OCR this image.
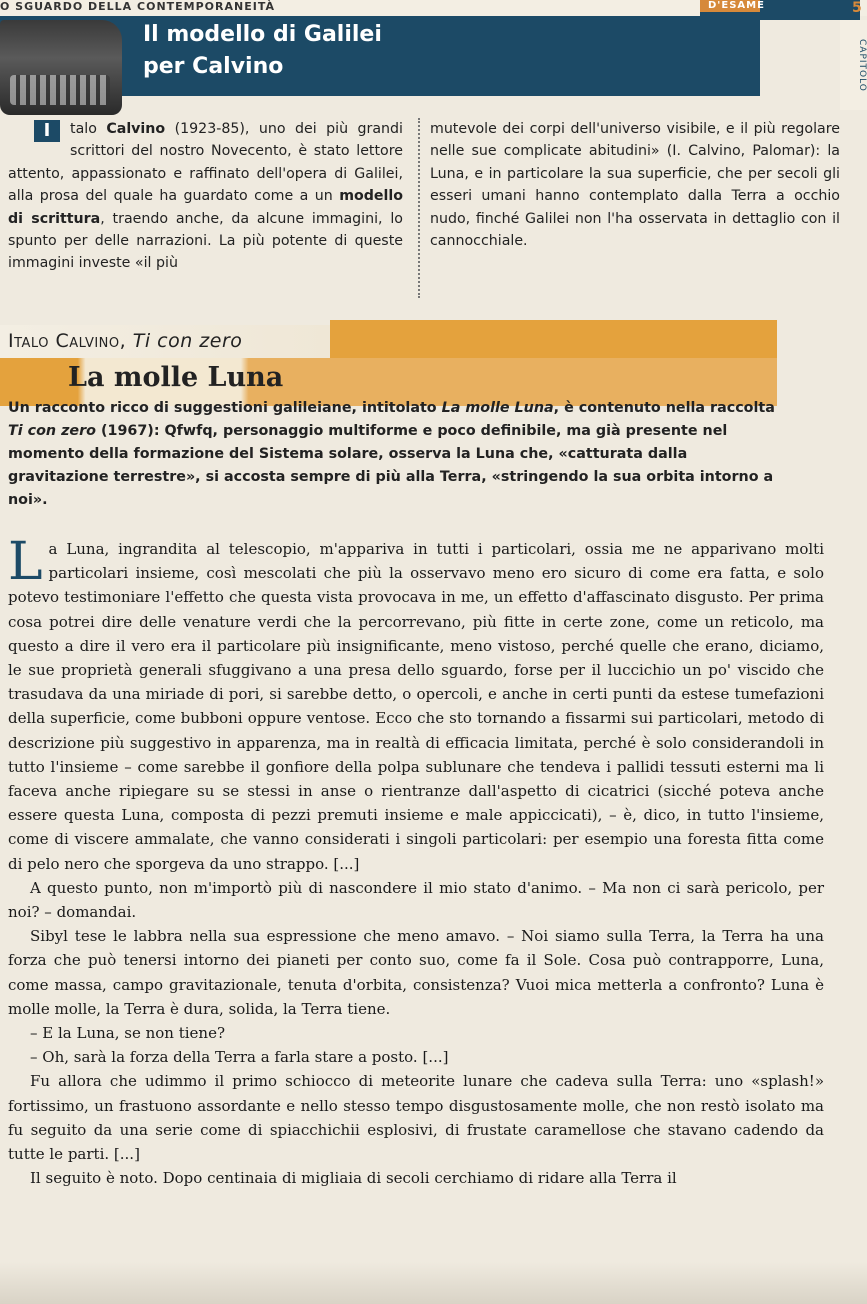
O SGUARDO DELLA CONTEMPORANEITÀ	D'ESAME	5
CAPITOLO
Il modello di Galilei
per Calvino
I	talo Calvino (1923-85), uno dei più grandi scrittori del nostro Novecento, è stato lettore attento, appassionato e raffinato dell'opera di Galilei, alla prosa del quale ha guardato come a un modello di scrittura, traendo anche, da alcune immagini, lo spunto per delle narrazioni. La più potente di queste immagini investe «il più
mutevole dei corpi dell'universo visibile, e il più regolare nelle sue complicate abitudini» (I. Calvino, Palomar): la Luna, e in particolare la sua superficie, che per secoli gli esseri umani hanno contemplato dalla Terra a occhio nudo, finché Galilei non l'ha osservata in dettaglio con il cannocchiale.
Italo Calvino, Ti con zero
La molle Luna
Un racconto ricco di suggestioni galileiane, intitolato La molle Luna, è contenuto nella raccolta Ti con zero (1967): Qfwfq, personaggio multiforme e poco definibile, ma già presente nel momento della formazione del Sistema solare, osserva la Luna che, «catturata dalla gravitazione terrestre», si accosta sempre di più alla Terra, «stringendo la sua orbita intorno a noi».

La Luna, ingrandita al telescopio, m'appariva in tutti i particolari, ossia me ne apparivano molti particolari insieme, così mescolati che più la osservavo meno ero sicuro di come era fatta, e solo potevo testimoniare l'effetto che questa vista provocava in me, un effetto d'affascinato disgusto. Per prima cosa potrei dire delle venature verdi che la percorrevano, più fitte in certe zone, come un reticolo, ma questo a dire il vero era il particolare più insignificante, meno vistoso, perché quelle che erano, diciamo, le sue proprietà generali sfuggivano a una presa dello sguardo, forse per il luccichio un po' viscido che trasudava da una miriade di pori, si sarebbe detto, o opercoli, e anche in certi punti da estese tumefazioni della superficie, come bubboni oppure ventose. Ecco che sto tornando a fissarmi sui particolari, metodo di descrizione più suggestivo in apparenza, ma in realtà di efficacia limitata, perché è solo considerandoli in tutto l'insieme – come sarebbe il gonfiore della polpa sublunare che tendeva i pallidi tessuti esterni ma li faceva anche ripiegare su se stessi in anse o rientranze dall'aspetto di cicatrici (sicché poteva anche essere questa Luna, composta di pezzi premuti insieme e male appiccicati), – è, dico, in tutto l'insieme, come di viscere ammalate, che vanno considerati i singoli particolari: per esempio una foresta fitta come di pelo nero che sporgeva da uno strappo. [...]

A questo punto, non m'importò più di nascondere il mio stato d'animo. – Ma non ci sarà pericolo, per noi? – domandai.

Sibyl tese le labbra nella sua espressione che meno amavo. – Noi siamo sulla Terra, la Terra ha una forza che può tenersi intorno dei pianeti per conto suo, come fa il Sole. Cosa può contrapporre, Luna, come massa, campo gravitazionale, tenuta d'orbita, consistenza? Vuoi mica metterla a confronto? Luna è molle molle, la Terra è dura, solida, la Terra tiene.

– E la Luna, se non tiene?

– Oh, sarà la forza della Terra a farla stare a posto. [...]

Fu allora che udimmo il primo schiocco di meteorite lunare che cadeva sulla Terra: uno «splash!» fortissimo, un frastuono assordante e nello stesso tempo disgustosamente molle, che non restò isolato ma fu seguito da una serie come di spiacchichii esplosivi, di frustate caramellose che stavano cadendo da tutte le parti. [...]

Il seguito è noto. Dopo centinaia di migliaia di secoli cerchiamo di ridare alla Terra il
